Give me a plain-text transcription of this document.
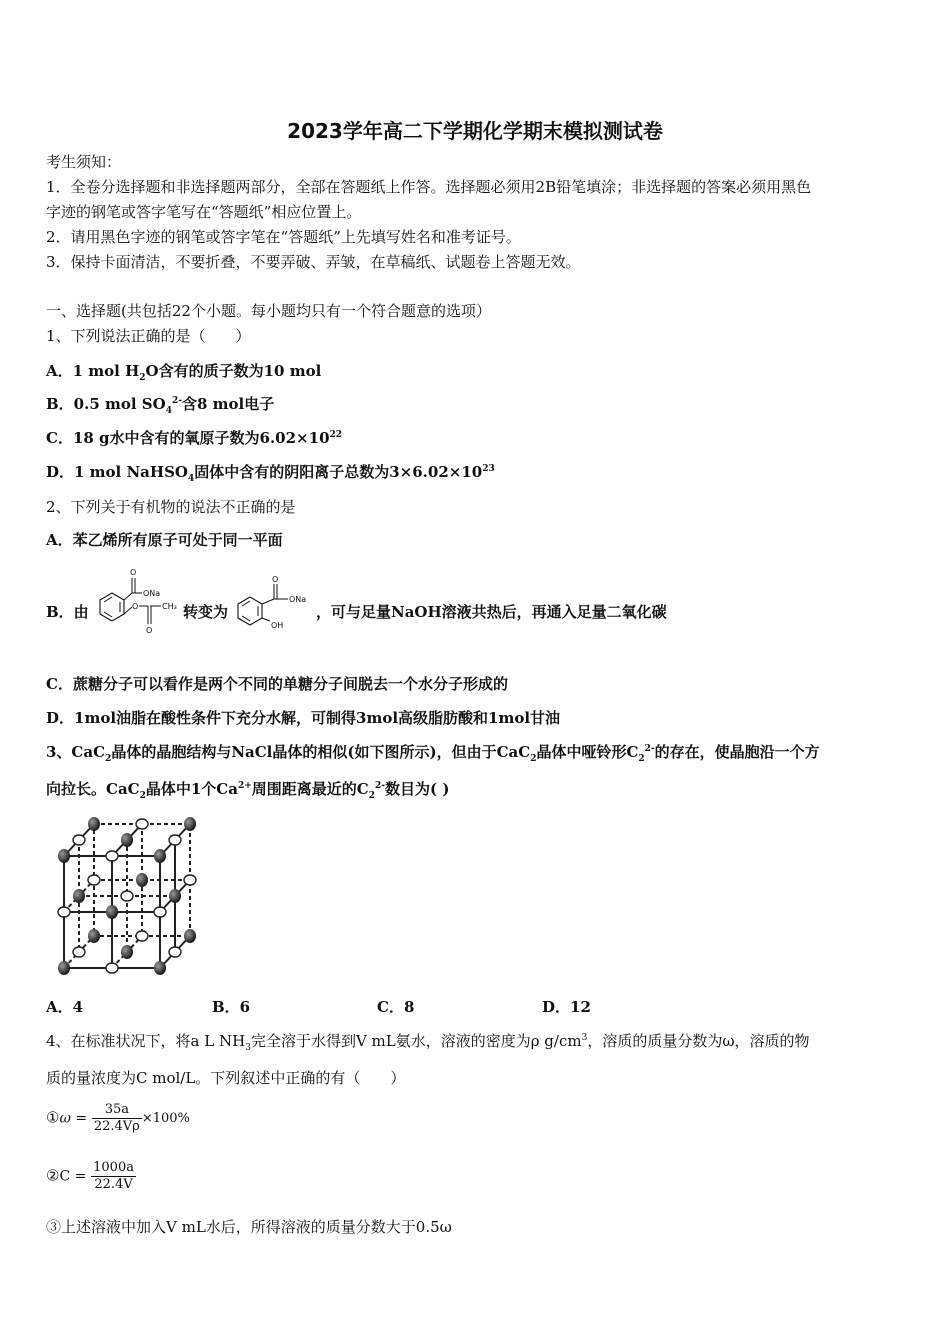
2023学年高二下学期化学期末模拟测试卷
考生须知：
1．全卷分选择题和非选择题两部分，全部在答题纸上作答。选择题必须用2B铅笔填涂；非选择题的答案必须用黑色
字迹的钢笔或答字笔写在“答题纸”相应位置上。
2．请用黑色字迹的钢笔或答字笔在“答题纸”上先填写姓名和准考证号。
3．保持卡面清洁，不要折叠，不要弄破、弄皱，在草稿纸、试题卷上答题无效。
一、选择题(共包括22个小题。每小题均只有一个符合题意的选项）
1、下列说法正确的是（　　）
A．1 mol $H_2O$含有的质子数为10 mol
B．0.5 mol $SO_4^{2-}$含8 mol电子
C．18 g水中含有的氧原子数为$6.02\times 10^{22}$
D．1 mol NaHSO$_4$固体中含有的阴阳离子总数为$3\times 6.02\times 10^{23}$
2、下列关于有机物的说法不正确的是
A．苯乙烯所有原子可处于同一平面
B．由
O
ONa
O
O
CH₃ 转变为
O
ONa
OH
，可与足量NaOH溶液共热后，再通入足量二氧化碳
C．蔗糖分子可以看作是两个不同的单糖分子间脱去一个水分子形成的
D．1mol油脂在酸性条件下充分水解，可制得3mol高级脂肪酸和1mol甘油
3、CaC$_2$晶体的晶胞结构与NaCl晶体的相似(如下图所示)，但由于CaC$_2$晶体中哑铃形$C_2^{2-}$的存在，使晶胞沿一个方
向拉长。CaC$_2$晶体中1个$Ca^{2+}$周围距离最近的$C_2^{2-}$数目为( )
A．4	B．6	C．8	D．12
4、在标准状况下，将a L $NH_3$完全溶于水得到V mL氨水，溶液的密度为ρ $g/cm^3$，溶质的质量分数为ω，溶质的物
质的量浓度为C mol/L。下列叙述中正确的有（　　）
①ω = $\frac{35a}{22.4V\rho} \times 100\%$
②C = $\frac{1000a}{22.4V}$
③上述溶液中加入V mL水后，所得溶液的质量分数大于0.5ω
